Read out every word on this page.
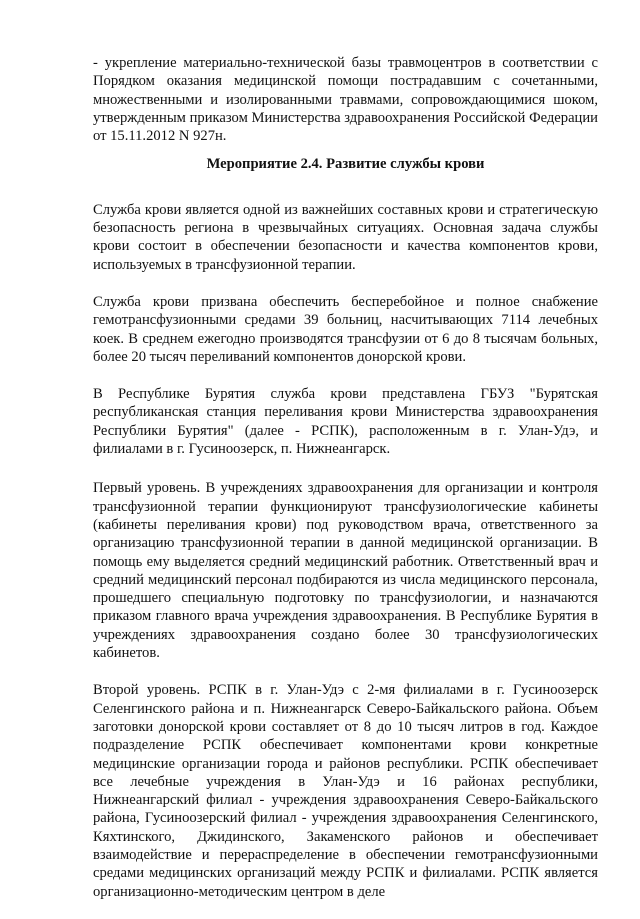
- укрепление материально-технической базы травмоцентров в соответствии с Порядком оказания медицинской помощи пострадавшим с сочетанными, множественными и изолированными травмами, сопровождающимися шоком, утвержденным приказом Министерства здравоохранения Российской Федерации от 15.11.2012 N 927н.

Мероприятие 2.4. Развитие службы крови

Служба крови является одной из важнейших составных крови и стратегическую безопасность региона в чрезвычайных ситуациях. Основная задача службы крови состоит в обеспечении безопасности и качества компонентов крови, используемых в трансфузионной терапии.

Служба крови призвана обеспечить бесперебойное и полное снабжение гемотрансфузионными средами 39 больниц, насчитывающих 7114 лечебных коек. В среднем ежегодно производятся трансфузии от 6 до 8 тысячам больных, более 20 тысяч переливаний компонентов донорской крови.

В Республике Бурятия служба крови представлена ГБУЗ "Бурятская республиканская станция переливания крови Министерства здравоохранения Республики Бурятия" (далее - РСПК), расположенным в г. Улан-Удэ, и филиалами в г. Гусиноозерск, п. Нижнеангарск.

Первый уровень. В учреждениях здравоохранения для организации и контроля трансфузионной терапии функционируют трансфузиологические кабинеты (кабинеты переливания крови) под руководством врача, ответственного за организацию трансфузионной терапии в данной медицинской организации. В помощь ему выделяется средний медицинский работник. Ответственный врач и средний медицинский персонал подбираются из числа медицинского персонала, прошедшего специальную подготовку по трансфузиологии, и назначаются приказом главного врача учреждения здравоохранения. В Республике Бурятия в учреждениях здравоохранения создано более 30 трансфузиологических кабинетов.

Второй уровень. РСПК в г. Улан-Удэ с 2-мя филиалами в г. Гусиноозерск Селенгинского района и п. Нижнеангарск Северо-Байкальского района. Объем заготовки донорской крови составляет от 8 до 10 тысяч литров в год. Каждое подразделение РСПК обеспечивает компонентами крови конкретные медицинские организации города и районов республики. РСПК обеспечивает все лечебные учреждения в Улан-Удэ и 16 районах республики, Нижнеангарский филиал - учреждения здравоохранения Северо-Байкальского района, Гусиноозерский филиал - учреждения здравоохранения Селенгинского, Кяхтинского, Джидинского, Закаменского районов и обеспечивает взаимодействие и перераспределение в обеспечении гемотрансфузионными средами медицинских организаций между РСПК и филиалами. РСПК является организационно-методическим центром в деле
